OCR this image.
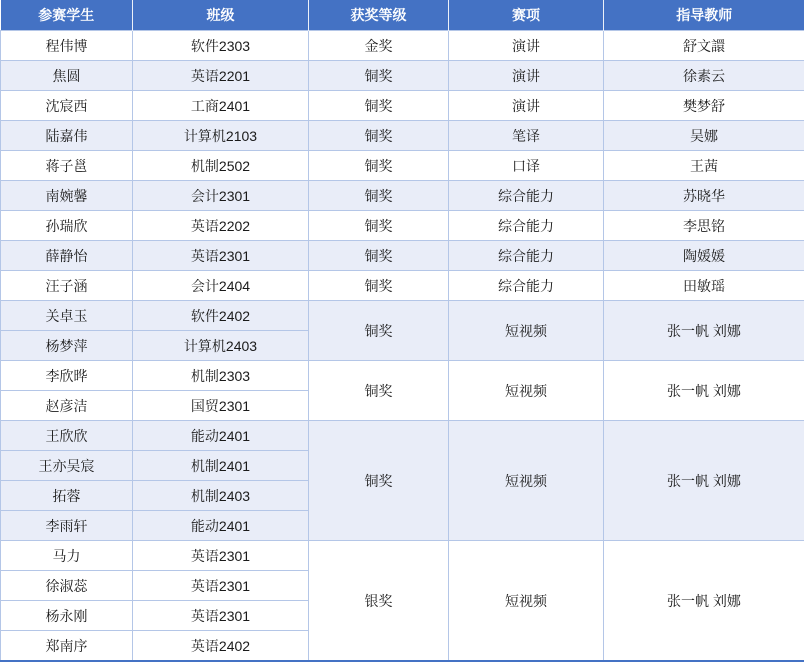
参赛学生	班级	获奖等级	赛项	指导教师
程伟博	软件2303	金奖	演讲	舒文譞
焦圆	英语2201	铜奖	演讲	徐素云
沈宸西	工商2401	铜奖	演讲	樊梦舒
陆嘉伟	计算机2103	铜奖	笔译	吴娜
蒋子邕	机制2502	铜奖	口译	王茜
南婉馨	会计2301	铜奖	综合能力	苏晓华
孙瑞欣	英语2202	铜奖	综合能力	李思铭
薛静怡	英语2301	铜奖	综合能力	陶媛媛
汪子涵	会计2404	铜奖	综合能力	田敏瑶
关卓玉	软件2402	铜奖	短视频	张一帆 刘娜
杨梦萍	计算机2403			
李欣晔	机制2303	铜奖	短视频	张一帆 刘娜
赵彦洁	国贸2301			
王欣欣	能动2401	铜奖	短视频	张一帆 刘娜
王亦吴宸	机制2401			
拓蓉	机制2403			
李雨轩	能动2401			
马力	英语2301	银奖	短视频	张一帆 刘娜
徐淑蕊	英语2301			
杨永刚	英语2301			
郑南序	英语2402			
